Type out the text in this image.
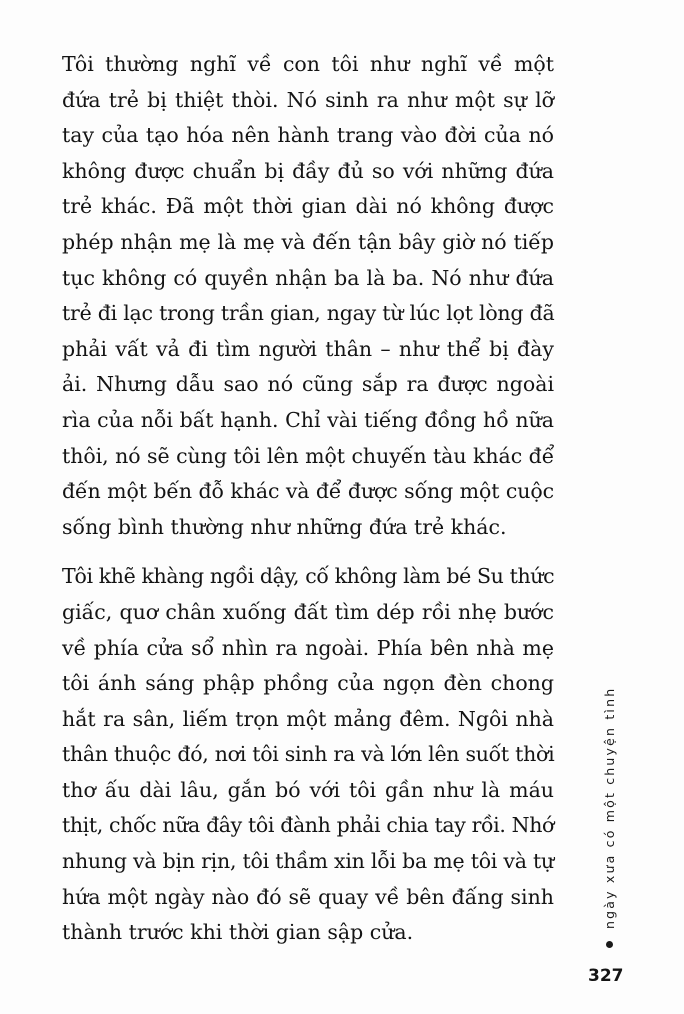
Tôi thường nghĩ về con tôi như nghĩ về một
đứa trẻ bị thiệt thòi. Nó sinh ra như một sự lỡ
tay của tạo hóa nên hành trang vào đời của nó
không được chuẩn bị đầy đủ so với những đứa
trẻ khác. Đã một thời gian dài nó không được
phép nhận mẹ là mẹ và đến tận bây giờ nó tiếp
tục không có quyền nhận ba là ba. Nó như đứa
trẻ đi lạc trong trần gian, ngay từ lúc lọt lòng đã
phải vất vả đi tìm người thân – như thể bị đày
ải. Nhưng dẫu sao nó cũng sắp ra được ngoài
rìa của nỗi bất hạnh. Chỉ vài tiếng đồng hồ nữa
thôi, nó sẽ cùng tôi lên một chuyến tàu khác để
đến một bến đỗ khác và để được sống một cuộc
sống bình thường như những đứa trẻ khác.

Tôi khẽ khàng ngồi dậy, cố không làm bé Su thức
giấc, quơ chân xuống đất tìm dép rồi nhẹ bước
về phía cửa sổ nhìn ra ngoài. Phía bên nhà mẹ
tôi ánh sáng phập phồng của ngọn đèn chong
hắt ra sân, liếm trọn một mảng đêm. Ngôi nhà
thân thuộc đó, nơi tôi sinh ra và lớn lên suốt thời
thơ ấu dài lâu, gắn bó với tôi gần như là máu
thịt, chốc nữa đây tôi đành phải chia tay rồi. Nhớ
nhung và bịn rịn, tôi thầm xin lỗi ba mẹ tôi và tự
hứa một ngày nào đó sẽ quay về bên đấng sinh
thành trước khi thời gian sập cửa.

ngày xưa có một chuyện tình
327
